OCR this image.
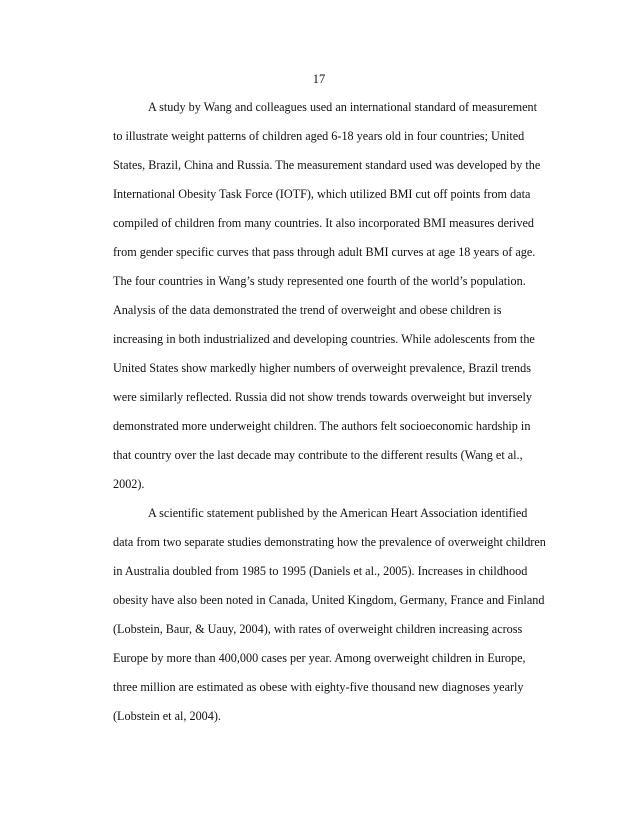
17
A study by Wang and colleagues used an international standard of measurement
to illustrate weight patterns of children aged 6-18 years old in four countries; United
States, Brazil, China and Russia. The measurement standard used was developed by the
International Obesity Task Force (IOTF), which utilized BMI cut off points from data
compiled of children from many countries. It also incorporated BMI measures derived
from gender specific curves that pass through adult BMI curves at age 18 years of age.
The four countries in Wang’s study represented one fourth of the world’s population.
Analysis of the data demonstrated the trend of overweight and obese children is
increasing in both industrialized and developing countries. While adolescents from the
United States show markedly higher numbers of overweight prevalence, Brazil trends
were similarly reflected. Russia did not show trends towards overweight but inversely
demonstrated more underweight children. The authors felt socioeconomic hardship in
that country over the last decade may contribute to the different results (Wang et al.,
2002).
A scientific statement published by the American Heart Association identified
data from two separate studies demonstrating how the prevalence of overweight children
in Australia doubled from 1985 to 1995 (Daniels et al., 2005). Increases in childhood
obesity have also been noted in Canada, United Kingdom, Germany, France and Finland
(Lobstein, Baur, & Uauy, 2004), with rates of overweight children increasing across
Europe by more than 400,000 cases per year. Among overweight children in Europe,
three million are estimated as obese with eighty-five thousand new diagnoses yearly
(Lobstein et al, 2004).
